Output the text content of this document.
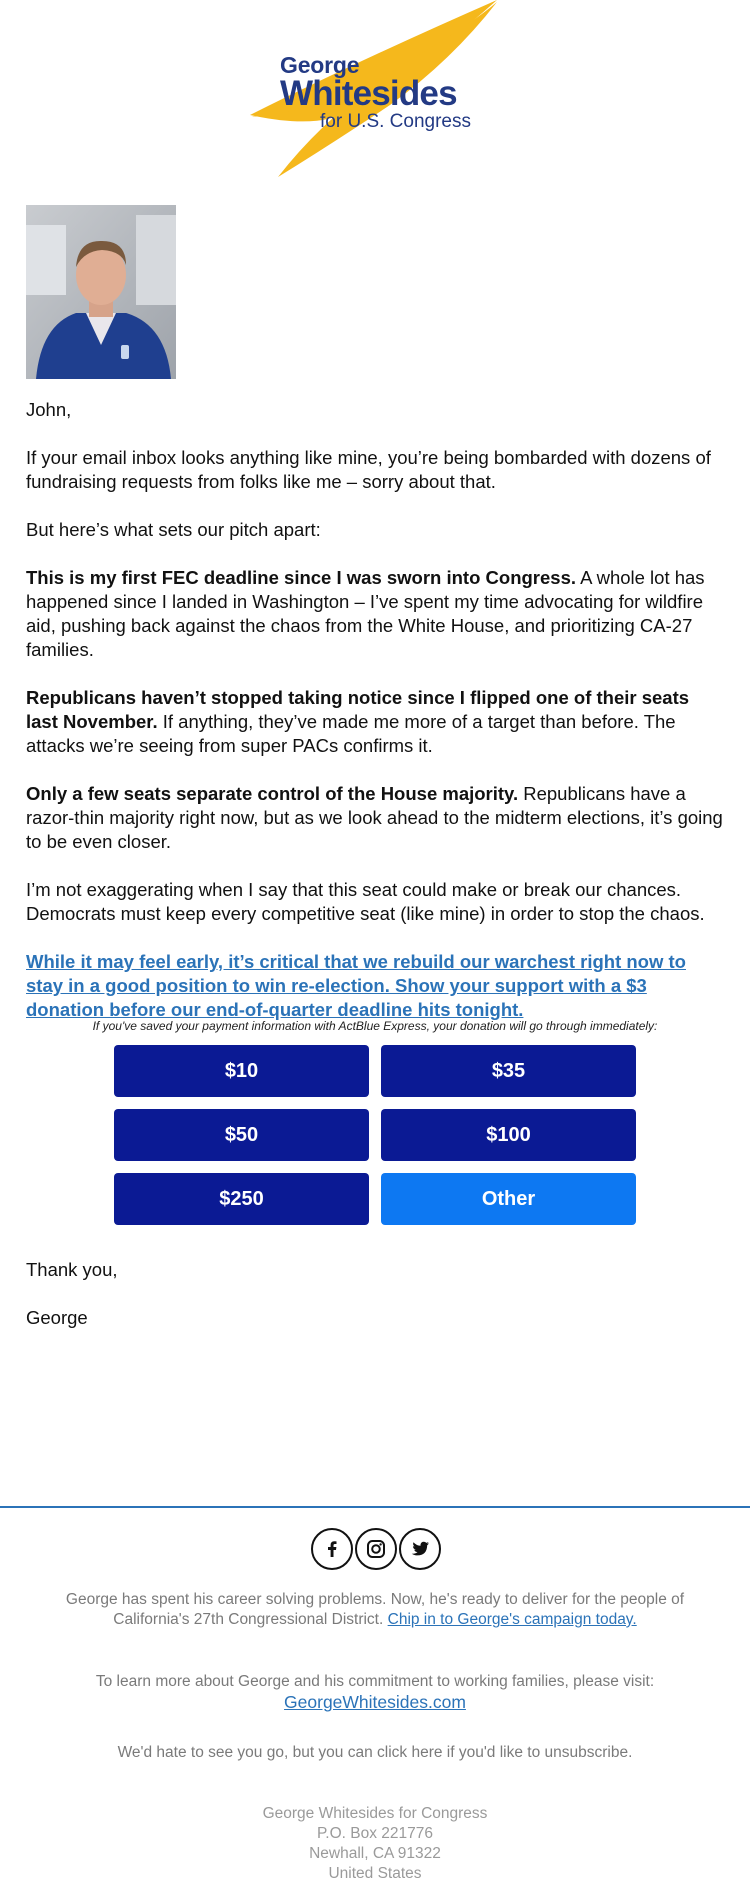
George
Whitesides
for U.S. Congress

John,

If your email inbox looks anything like mine, you’re being bombarded with dozens of fundraising requests from folks like me – sorry about that.

But here’s what sets our pitch apart:

This is my first FEC deadline since I was sworn into Congress. A whole lot has happened since I landed in Washington – I’ve spent my time advocating for wildfire aid, pushing back against the chaos from the White House, and prioritizing CA-27 families.

Republicans haven’t stopped taking notice since I flipped one of their seats last November. If anything, they’ve made me more of a target than before. The attacks we’re seeing from super PACs confirms it.

Only a few seats separate control of the House majority. Republicans have a razor-thin majority right now, but as we look ahead to the midterm elections, it’s going to be even closer.

I’m not exaggerating when I say that this seat could make or break our chances. Democrats must keep every competitive seat (like mine) in order to stop the chaos.

While it may feel early, it’s critical that we rebuild our warchest right now to stay in a good position to win re-election. Show your support with a $3 donation before our end-of-quarter deadline hits tonight.

If you've saved your payment information with ActBlue Express, your donation will go through immediately:
$10	$35
$50	$100
$250	Other

Thank you,

George

George has spent his career solving problems. Now, he's ready to deliver for the people of California's 27th Congressional District. Chip in to George's campaign today.
To learn more about George and his commitment to working families, please visit:
GeorgeWhitesides.com
We'd hate to see you go, but you can click here if you'd like to unsubscribe.
George Whitesides for Congress
P.O. Box 221776
Newhall, CA 91322
United States
